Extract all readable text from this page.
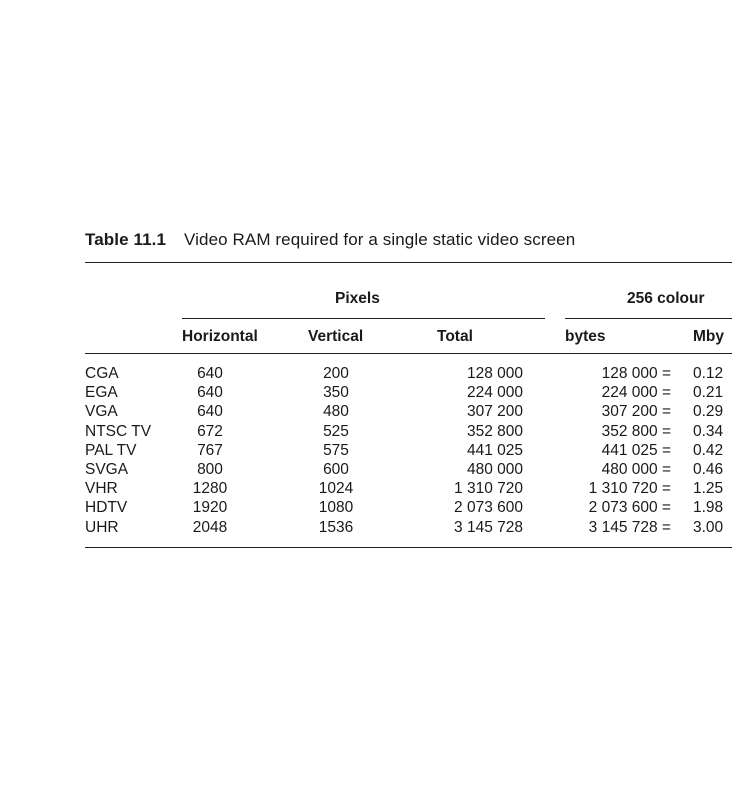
Table 11.1 Video RAM required for a single static video screen
Pixels	256 colour
Horizontal	Vertical	Total	bytes	Mby
CGA	640	200	128 000	128 000 = 0.12
EGA	640	350	224 000	224 000 = 0.21
VGA	640	480	307 200	307 200 = 0.29
NTSC TV	672	525	352 800	352 800 = 0.34
PAL TV	767	575	441 025	441 025 = 0.42
SVGA	800	600	480 000	480 000 = 0.46
VHR	1280	1024	1 310 720	1 310 720 = 1.25
HDTV	1920	1080	2 073 600	2 073 600 = 1.98
UHR	2048	1536	3 145 728	3 145 728 = 3.00
